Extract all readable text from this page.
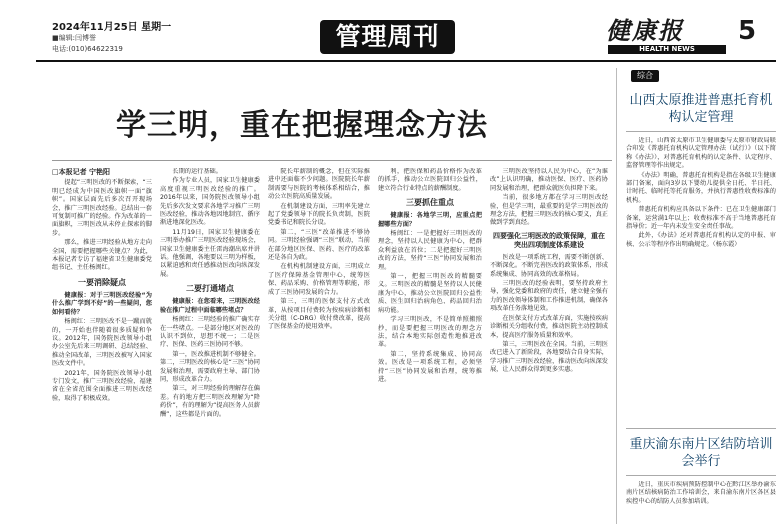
2024年11月25日 星期一
■编辑:闫博誉
电话:(010)64622319	管理周刊	健康报
HEALTH NEWS
5
综合
学三明，重在把握理念方法
□本报记者 宁艳阳

提起“三明医改的不断探索，“三明已经成为中国医改旗帜一面“旗帜”。国家层面先后多次召开现场会，推广三明医改经验。总结出一套可复制可推广的经验。作为改革的一面旗帜，三明医改从未停止探索的脚步。

那么，推进三明经验从地方走向全国，需要把握哪些关键点？为此，本报记者专访了福建省卫生健康委党组书记、主任杨闽红。

一要消除疑点

健康报：对于三明医改经验“为什么推广学到不好”的一些疑问，您如何看待？

杨闽红：三明医改不是一蹴而就的，一开始也伴随着很多质疑和争议。2012年，国务院医改领导小组办公室先后来三明调研、总结经验、推动全国改革，三明医改被写入国家医改文件中。

2021年，国务院医改领导小组专门发文，推广三明医改经验，福建省在全省范围全面推进三明医改经验，取得了积极成效。

长期的运行基础。

作为专业人员，国家卫生健康委高度重视三明医改经验的推广。2016年以来，国务院医改领导小组先后多次发文要求各地学习推广三明医改经验，推动各地因地制宜、循序渐进地深化医改。

11月19日，国家卫生健康委在三明举办推广三明医改经验现场会，国家卫生健康委主任雷海潮出席并讲话。他强调，各地要以三明为样板，以紧迫感和责任感推动医改向纵深发展。

二要打通堵点

健康报：在您看来，三明医改经验在推广过程中面临哪些堵点？

杨闽红：三明经验的推广确实存在一些堵点。一是部分地区对医改的认识不到位，思想不统一；二是医疗、医保、医药三医协同不够。

第一，医改推进机制不够健全。第二，三明医改的核心是“三医”协同发展和治理，需要政府主导、部门协同，形成改革合力。

第三，对三明经验的理解存在偏差。有的地方把三明医改理解为“降药价”，有的理解为“提高医务人员薪酬”，这些都是片面的。

院长年薪制的概念，但在实际推进中还面临不少问题。医院院长年薪制需要与医院的考核体系相结合，推动公立医院高质量发展。

在机制建设方面，三明率先建立起了党委领导下的院长负责制，医院党委书记和院长分设。

第二，“三医”改革推进不够协同。三明经验强调“三医”联动，当前在部分地区医保、医药、医疗的改革还是各自为政。

在机构机制建设方面，三明成立了医疗保障基金管理中心，统筹医保、药品采购、价格管理等职能，形成了三医协同发展的合力。

第三，三明的医保支付方式改革，从按项目付费转为按疾病诊断相关分组（C-DRG）收付费改革，提高了医保基金的使用效率。

利，把医保和药品价格作为改革的抓手，推动公立医院回归公益性，建立符合行业特点的薪酬制度。

三要抓住重点

健康报：各地学三明，应重点把握哪些方面？

杨闽红：一是把握好三明医改的理念，坚持以人民健康为中心，把群众利益放在首位；二是把握好三明医改的方法，坚持“三医”协同发展和治理。

第一，把握三明医改的精髓要义。三明医改的精髓是坚持以人民健康为中心，推动公立医院回归公益性质、医生回归治病角色、药品回归治病功能。

学习三明医改，不是简单照搬照抄，而是要把握三明医改的理念方法，结合本地实际创造性地推进改革。

第二，坚持系统集成、协同高效。医改是一项系统工程，必须坚持“三医”协同发展和治理，统筹推进。

三明医改坚持以人民为中心，在“为谁改”上认识明确，推动医保、医疗、医药协同发展和治理，把群众就医负担降下来。

当前，很多地方都在学习三明医改经验，但是学三明，最重要的是学三明医改的理念方法，把握三明医改的核心要义，真正做到学到真经。

四要强化三明医改的政策保障，重在突出四项制度体系建设

医改是一项系统工程，需要不断创新、不断深化。不断完善医改的政策体系，形成系统集成、协同高效的改革格局。

三明医改的经验表明，要坚持政府主导，强化党委和政府的责任，建立健全强有力的医改领导体制和工作推进机制，确保各项改革任务落地见效。

在医保支付方式改革方面，实施按疾病诊断相关分组收付费，推动医院主动控制成本，提高医疗服务质量和效率。

第三，三明医改在全国。当前，三明医改已进入了新阶段，各地要结合自身实际，学习推广三明医改经验，推动医改向纵深发展，让人民群众得到更多实惠。

山西太原推进普惠托育机构认定管理

近日，山西省太原市卫生健康委与太原市财政局联合印发《普惠托育机构认定管理办法（试行）》（以下简称《办法》），对普惠托育机构的认定条件、认定程序、监督管理等作出规定。

《办法》明确，普惠托育机构是指在各级卫生健康部门备案，面向3岁以下婴幼儿提供全日托、半日托、计时托、临时托等托育服务，并执行普惠性收费标准的机构。

普惠托育机构应具备以下条件：已在卫生健康部门备案，运营满1年以上；收费标准不高于当地普惠托育指导价；近一年内未发生安全责任事故。

此外，《办法》还对普惠托育机构认定的申报、审核、公示等程序作出明确规定。（杨东霞）

重庆渝东南片区结防培训会举行

近日，重庆市疾病预防控制中心在黔江区举办渝东南片区结核病防治工作培训会，来自渝东南片区各区县疾控中心的结防人员参加培训。
